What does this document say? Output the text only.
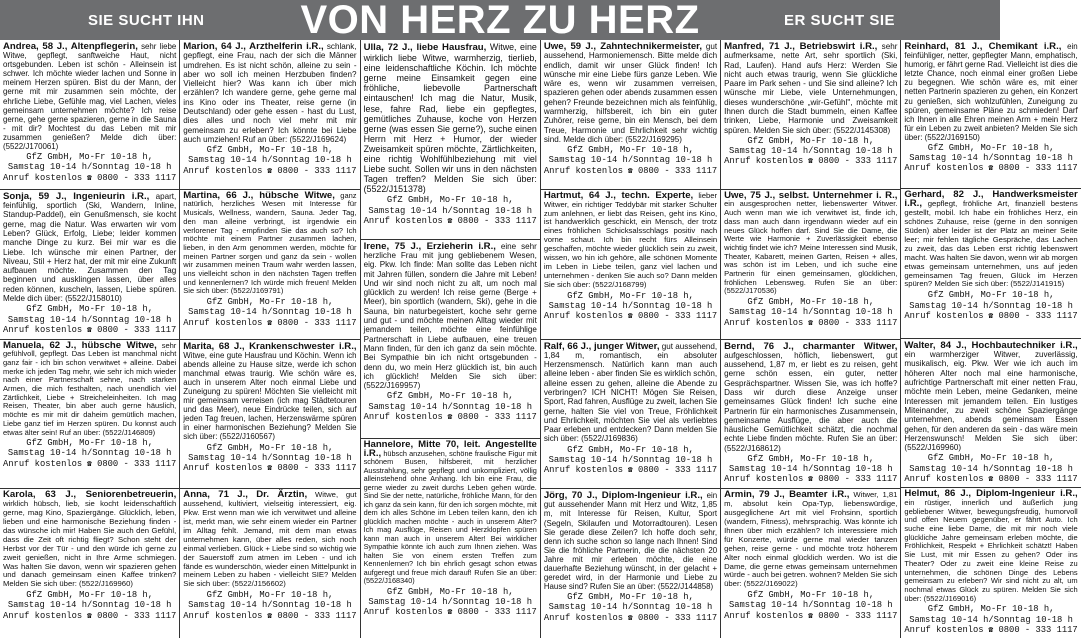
SIE SUCHT IHN	VON HERZ ZU HERZ	ER SUCHT SIE
Andrea, 58 J., Altenpflegerin, sehr liebe Witwe, gepflegt, sanftweiche Haut, nicht ortsgebunden. Leben ist schön - Alleinsein ist schwer. Ich möchte wieder lachen und Sonne in meinem Herzen spüren. Bist du der Mann, der gerne mit mir zusammen sein möchte, der ehrliche Liebe, Gefühle mag, viel Lachen, vieles gemeinsam unternehmen möchte? Ich reise gerne, gehe gerne spazieren, gerne in die Sauna - mit dir? Mochtest du das Leben mit mir zusammen genießen? Melde dich über: (5522/J170061)
GfZ GmbH, Mo-Fr 10-18 h,
Samstag 10-14 h/Sonntag 10-18 h
Anruf kostenlos ☎ 0800 - 333 1117
Sonja, 59 J., Ingenieurin i.R., apart, feinfühlig, sportlich (Ski, Wandern, Inline, Standup-Paddel), ein Genußmensch, sie kocht gerne, mag die Natur. Was erwarten wir vom Leben? Glück, Erfolg, Liebe; leider kommen manche Dinge zu kurz. Bei mir war es die Liebe. Ich wünsche mir einen Partner, der Niveau, Stil + Herz hat, der mit mir eine Zukunft aufbauen möchte. Zusammen den Tag beginnen und ausklingen lassen, über alles reden können, kuscheln, lassen, Liebe spüren. Melde dich über: (5522/J158010)
GfZ GmbH, Mo-Fr 10-18 h,
Samstag 10-14 h/Sonntag 10-18 h
Anruf kostenlos ☎ 0800 - 333 1117
Manuela, 62 J., hübsche Witwe, sehr gefühlvoll, gepflegt. Das Leben ist manchmal nicht ganz fair - ich bin schon verwitwet + alleine. Dabei merke ich jeden Tag mehr, wie sehr ich mich wieder nach einer Partnerschaft sehne, nach starken Armen, die mich festhalten, nach unendlich viel Zärtlichkeit, Liebe + Streicheleinheiten. Ich mag Reisen, Theater, bin aber auch gerne häuslich, möchte es mir mit dir daheim gemütlich machen, Liebe ganz tief im Herzen spüren. Du konnst auch etwas älter sein! Ruf an über: (5522/J146809)
GfZ GmbH, Mo-Fr 10-18 h,
Samstag 10-14 h/Sonntag 10-18 h
Anruf kostenlos ☎ 0800 - 333 1117
Karola, 63 J., Seniorenbetreuerin, wirklich hübsch, lieb, sie kocht leidenschaftlich gerne, mag Kino, Spaziergänge. Glücklich, leben, lieben und eine harmonische Beziehung finden - das wünsche ich mir! Haben Sie auch den Gefühl, dass die Zeit oft richtig fliegt? Schon steht der Herbst vor der Tür - und den würde ich gerne zu zweit genießen, nicht in Ihre Arme schmiegen. Was halten Sie davon, wenn wir spazieren gehen und danach gemeinsam einen Kaffee trinken? Melden Sie sich über: (5522/J169960)
GfZ GmbH, Mo-Fr 10-18 h,
Samstag 10-14 h/Sonntag 10-18 h
Anruf kostenlos ☎ 0800 - 333 1117
Marion, 64 J., Arzthelferin i.R., schlank, gepflegt, eine Frau, nach der sich die Männer umdrehen. Es ist nicht schön, alleine zu sein - aber wo soll ich meinen Herzbuben finden? Vielleicht hier? Was kann ich über mich erzählen? Ich wandere gerne, gehe gerne mal ins Kino oder ins Theater, reise gerne (in Deutschland) oder gehe essen - hast du Lust, dies alles und noch viel mehr mit mir gemeinsam zu erleben? Ich könnte bei Liebe auch umziehen! Ruf an über: (5522/J169624)
GfZ GmbH, Mo-Fr 10-18 h,
Samstag 10-14 h/Sonntag 10-18 h
Anruf kostenlos ☎ 0800 - 333 1117
Martina, 66 J., hübsche Witwe, ganz natürlich, herzliches Wesen mit Interesse für Musicals, Wellness, wandern, Sauna. Jeder Tag, den man alleine verbringt, ist irgendwie ein verlorener Tag - empfinden Sie das auch so? Ich möchte mit einem Partner zusammen lachen, lieben, in den Arm genommen werden, möchte für meinen Partner sorgen und ganz da sein - wollen wir zusammen meinen Traum wahr werden lassen, uns vielleicht schon in den nächsten Tagen treffen und kennenlernen? Ich würde mich freuen! Melden Sie sich über: (5522/J169791)
GfZ GmbH, Mo-Fr 10-18 h,
Samstag 10-14 h/Sonntag 10-18 h
Anruf kostenlos ☎ 0800 - 333 1117
Marita, 68 J., Krankenschwester i.R., Witwe, eine gute Hausfrau und Köchin. Wenn ich abends alleine zu Hause sitze, werde ich schon manchmal etwas traurig. Wie schön wäre es, auch in unserem Alter noch einmal Liebe und Zuneigung zu spüren! Möchten Sie vielleicht mit mir gemeinsam verreisen (ich mag Städtetouren und das Meer), neue Eindrücke teilen, sich auf jeden Tag freuen, lachen, Herzenswärme spüren in einer harmonischen Beziehung? Melden Sie sich über: (5522/J160567)
GfZ GmbH, Mo-Fr 10-18 h,
Samstag 10-14 h/Sonntag 10-18 h
Anruf kostenlos ☎ 0800 - 333 1117
Anna, 71 J., Dr. Ärztin, Witwe, gut aussehend, kultiviert, vielseitig interessiert, eig. Pkw. Erst wenn man wie ich verwitwet und alleine ist, merkt man, wie sehr einem wieder ein Partner im Alltag fehlt. Jemand, mit dem man etwas unternehmen kann, über alles reden, sich noch einmal verlieben. Glück + Liebe sind so wichtig wie der Sauerstoff zum atmen im Leben - und ich fände es wunderschön, wieder einen Mittelpunkt in meinem Leben zu haben - vielleicht SIE? Melden Sie sich über: (5522/J156602)
GfZ GmbH, Mo-Fr 10-18 h,
Samstag 10-14 h/Sonntag 10-18 h
Anruf kostenlos ☎ 0800 - 333 1117
Ulla, 72 J., liebe Hausfrau, Witwe, eine wirklich liebe Witwe, warmherzig, tierlieb, eine leidenschaftliche Köchin. Ich möchte gerne meine Einsamkeit gegen eine fröhliche, liebevolle Partnerschaft eintauschen! Ich mag die Natur, Musik, lese, fahre Rad, liebe ein gepflegtes, gemütliches Zuhause, koche von Herzen gerne (was essen Sie gerne?), suche einen Herrn mit Herz + Humor, der wieder Zweisamkeit spüren möchte, Zärtlichkeiten, eine richtig Wohlfühlbeziehung mit viel Liebe sucht. Sollen wir uns in den nächsten Tagen treffen? Melden Sie sich über: (5522/J151378)
GfZ GmbH, Mo-Fr 10-18 h,
Samstag 10-14 h/Sonntag 10-18 h
Anruf kostenlos ☎ 0800 - 333 1117
Irene, 75 J., Erzieherin i.R., eine sehr herzliche Frau mit jung gebliebenem Wesen, eig. Pkw. Ich finde: Man sollte das Leben nicht mit Jahren füllen, sondern die Jahre mit Leben! Und wir sind noch nicht zu alt, um noch mal glücklich zu werden! Ich reise gerne (Berge + Meer), bin sportlich (wandern, Ski), gehe in die Sauna, bin naturbegeistert, koche sehr gerne und gut - und möchte meinen Alltag wieder mit jemandem teilen, möchte eine feinfühlige Partnerschaft in Liebe aufbauen, eine treuen Mann finden, für den ich ganz da sein möchte. Bei Sympathie bin ich nicht ortsgebunden - denn du, wo mein Herz glücklich ist, bin auch ich glücklich! Melden Sie sich über: (5522/J169957)
GfZ GmbH, Mo-Fr 10-18 h,
Samstag 10-14 h/Sonntag 10-18 h
Anruf kostenlos ☎ 0800 - 333 1117
Hannelore, Mitte 70, leit. Angestellte i.R., hübsch anzusehen, schöne fraulische Figur mit schönem Busen, hilfsbereit, mit herzlicher Ausstrahlung, sehr gepflegt und unkompliziert, völlig alleinstehend ohne Anhang. Ich bin eine Frau, die gerne wieder zu zweit durchs Leben gehen würde. Sind Sie der nette, natürliche, fröhliche Mann, für den ich ganz da sein kann, für den ich sorgen möchte, mit dem ich alles Schöne im Leben teilen kann, den ich glücklich machen möchte - auch in unserem Alter? Ich mag Ausflüge, Reisen und Herzklopfen spüren kann man auch in unserem Alter! Bei wirklicher Sympathie könnte ich auch zum Ihnen ziehen. Was halten Sie von einem ersten Treffen zum Kennenlernen? Ich bin ehrlich gesagt schon etwas aufgeregt und freue mich darauf! Rufen Sie an über: (5522/J168340)
GfZ GmbH, Mo-Fr 10-18 h,
Samstag 10-14 h/Sonntag 10-18 h
Anruf kostenlos ☎ 0800 - 333 1117
Uwe, 59 J., Zahntechnikermeister, gut aussehend, Harmoniemensch. Bitte melde dich endlich, damit wir unser Glück finden! Ich wünsche mir eine Liebe fürs ganze Leben. Wie wäre es, wenn wir zusammen verreisen, spazieren gehen oder abends zusammen essen gehen? Freunde bezeichnen mich als feinfühlig, warmherzig, hilfsbereit, ich bin ein guter Zuhörer, reise gerne, bin ein Mensch, bei dem Treue, Harmonie und Ehrlichkeit sehr wichtig sind. Melde dich über: (5522/J169295)
GfZ GmbH, Mo-Fr 10-18 h,
Samstag 10-14 h/Sonntag 10-18 h
Anruf kostenlos ☎ 0800 - 333 1117
Hartmut, 64 J., techn. Experte, lieber Witwer, ein richtiger Teddybär mit starker Schulter zum anlehnen, er liebt das Reisen, geht ins Kino, ist handwerklich geschickt, ein Mensch, der trotz eines fröhlichen Schicksalsschlags positiv nach vorne schaut. Ich bin recht fürs Alleinsein geschaffen, möchte wieder glücklich sein zu zweit, wissen, wo hin ich gehöre, alle schönen Momente im Leben in Liebe teilen, ganz viel lachen und unternehmen - denken Sie auch so? Dann melden Sie sich über: (5522/J168799)
GfZ GmbH, Mo-Fr 10-18 h,
Samstag 10-14 h/Sonntag 10-18 h
Anruf kostenlos ☎ 0800 - 333 1117
Ralf, 66 J., junger Witwer, gut aussehend, 1,84 m, romantisch, ein absoluter Herzensmensch. Natürlich kann man auch alleine leben - aber finden Sie es wirklich schön, alleine essen zu gehen, alleine die Abende zu verbringen? ICH NICHT! Mögen Sie Reisen, Sport, Rad fahren, Ausflüge zu zweit, lachen Sie gerne, halten Sie viel von Treue, Fröhlichkeit und Ehrlichkeit, möchten Sie viel als verliebtes Paar erleben und entdecken? Dann melden Sie sich über: (5522/J169836)
GfZ GmbH, Mo-Fr 10-18 h,
Samstag 10-14 h/Sonntag 10-18 h
Anruf kostenlos ☎ 0800 - 333 1117
Jörg, 70 J., Diplom-Ingenieur i.R., ein gut aussehender Mann mit Herz und Witz, 1,85 m, mit Interesse für Reisen, Kultur, Sport (Segeln, Skilaufen und Motorradtouren). Lesen Sie gerade diese Zeilen? Ich hoffe doch sehr, denn ich suche schon so lange nach Ihnen! Sind Sie die fröhliche Partnerin, die die nächsten 20 Jahre mit mir erleben möchte, die eine dauerhafte Beziehung wünscht, in der gelacht + geredet wird, in der Harmonie und Liebe zu Hause sind? Rufen Sie an über: (5522/J144858)
GfZ GmbH, Mo-Fr 10-18 h,
Samstag 10-14 h/Sonntag 10-18 h
Anruf kostenlos ☎ 0800 - 333 1117
Manfred, 71 J., Betriebswirt i.R., sehr aufmerksame, nette Art, sehr sportlich (Ski, Rad, Laufen). Hand aufs Herz: Werden Sie nicht auch etwas traurig, wenn Sie glückliche Paare im Park sehen - und Sie sind alleine? Ich wünsche mir Liebe, viele Unternehmungen, dieses wunderschöne „wir-Gefühl", möchte mit Ihnen durch die Stadt bummeln, einen Kaffee trinken, Liebe, Harmonie und Zweisamkeit spüren. Melden Sie sich über: (5522/J145308)
GfZ GmbH, Mo-Fr 10-18 h,
Samstag 10-14 h/Sonntag 10-18 h
Anruf kostenlos ☎ 0800 - 333 1117
Uwe, 75 J., selbst. Unternehmer i. R., ein ausgesprochen netter, liebenswerter Witwer. Auch wenn man wie ich verwitwet ist, finde ich, dass man auch dann irgendwann wieder auf ein neues Glück hoffen darf. Sind Sie die Dame, die Werte wie Harmonie + Zuverlässigkeit ebenso wichtig findet wie ich? Meine Interessen sind Musik, Theater, Kabarett, meinen Garten, Reisen + alles, was schön ist im Leben, und ich suche eine Partnerin für einen gemeinsamen, glücklichen, fröhlichen Lebensweg. Rufen Sie an über: (5522/J170536)
GfZ GmbH, Mo-Fr 10-18 h,
Samstag 10-14 h/Sonntag 10-18 h
Anruf kostenlos ☎ 0800 - 333 1117
Bernd, 76 J., charmanter Witwer, aufgeschlossen, höflich, liebenswert, gut aussehend, 1,87 m, er liebt es zu reisen, geht gerne schön essen, ein guter, netter Gesprächspartner. Wissen Sie, was ich hoffe? Dass wir durch diese Anzeige unser gemeinsames Glück finden! Ich suche eine Partnerin für ein harmonisches Zusammensein, gemeinsame Ausflüge, die aber auch die häusliche Gemütlichkeit schätzt, die nochmal echte Liebe finden möchte. Rufen Sie an über: (5522/J168612)
GfZ GmbH, Mo-Fr 10-18 h,
Samstag 10-14 h/Sonntag 10-18 h
Anruf kostenlos ☎ 0800 - 333 1117
Armin, 79 J., Beamter i.R., Witwer, 1,81 m, absolut kein Opa-Typ, liebenswürdige, ausgeglichene Art mit viel Frohsinn, sportlich (wandern, Fitness), mehrsprachig. Was könnte ich Ihnen über mich erzählen? Ich interessiere mich für Konzerte, würde gerne mal wieder tanzen gehen, reise gerne - und möchte trotz höherem Alter noch einmal glücklich werden. Wo ist die Dame, die gerne etwas gemeinsam unternehmen würde - auch bei getren. wohnen? Melden Sie sich über: (5522/J169022)
GfZ GmbH, Mo-Fr 10-18 h,
Samstag 10-14 h/Sonntag 10-18 h
Anruf kostenlos ☎ 0800 - 333 1117
Reinhard, 81 J., Chemikant i.R., ein feinfühliger, netter, gepflegter Mann, emphatisch, humorig, er fährt gerne Rad. Vielleicht ist dies die letzte Chance, noch einmal einer großen Liebe zu begegnen. Wie schön wäre es, mit einer netten Partnerin spazieren zu gehen, ein Konzert zu genießen, sich wohlzufühlen, Zuneigung zu spüren, gemeinsame Pläne zu schmieden! Darf ich Ihnen in alle Ehren meinen Arm + mein Herz für ein Leben zu zweit anbieten? Melden Sie sich über: (5522/J169150)
GfZ GmbH, Mo-Fr 10-18 h,
Samstag 10-14 h/Sonntag 10-18 h
Anruf kostenlos ☎ 0800 - 333 1117
Gerhard, 82 J., Handwerksmeister i.R., gepflegt, fröhliche Art, finanziell bestens gestellt, mobil. Ich habe ein fröhliches Herz, ein schönes Zuhause, reise (gerne in den sonnigen Süden) aber leider ist der Platz an meiner Seite leer; mir fehlen tägliche Gespräche, das Lachen zu zweit, das das Leben erst richtig lebenswert macht. Was halten Sie davon, wenn wir ab morgen etwas gemeinsam unternehmen, uns auf jeden gemeinsamen Tag freuen, Glück im Herzen spüren? Melden Sie sich über: (5522/J141915)
GfZ GmbH, Mo-Fr 10-18 h,
Samstag 10-14 h/Sonntag 10-18 h
Anruf kostenlos ☎ 0800 - 333 1117
Walter, 84 J., Hochbautechniker i.R., ein warmherziger Witwer, zuverlässig, musikalisch, eig. Pkw. Wer wie ich auch im höheren Alter noch mal eine harmonische, aufrichtige Partnerschaft mit einer netten Frau, möchte mein Leben, meine Gedanken, meine Interessen mit jemandem teilen. Ein lustiges Miteinander, zu zweit schöne Spaziergänge unternehmen, abends gemeinsam Essen gehen, für den anderen da sein - das wäre mein Herzenswunsch! Melden Sie sich über: (5522/J169960)
GfZ GmbH, Mo-Fr 10-18 h,
Samstag 10-14 h/Sonntag 10-18 h
Anruf kostenlos ☎ 0800 - 333 1117
Helmut, 86 J., Diplom-Ingenieur i.R., ein rüstiger, innerlich und äußerlich jung gebliebener Witwer, bewegungsfreudig, humorvoll und offen Neuem gegenüber, er fährt Auto. Ich suche eine liebe Dame, die mit mir noch viele glückliche Jahre gemeinsam erleben möchte, die Fröhlichkeit, Respekt + Ehrlichkeit schätzt! Haben Sie Lust, mit mir Essen zu gehen? Oder ins Theater? Oder zu zweit eine kleine Reise zu unternehmen, die schönen Dinge des Lebens gemeinsam zu erleben? Wir sind nicht zu alt, um nochmal etwas Glück zu spüren. Melden Sie sich über: (5522/J169016)
GfZ GmbH, Mo-Fr 10-18 h,
Samstag 10-14 h/Sonntag 10-18 h
Anruf kostenlos ☎ 0800 - 333 1117
